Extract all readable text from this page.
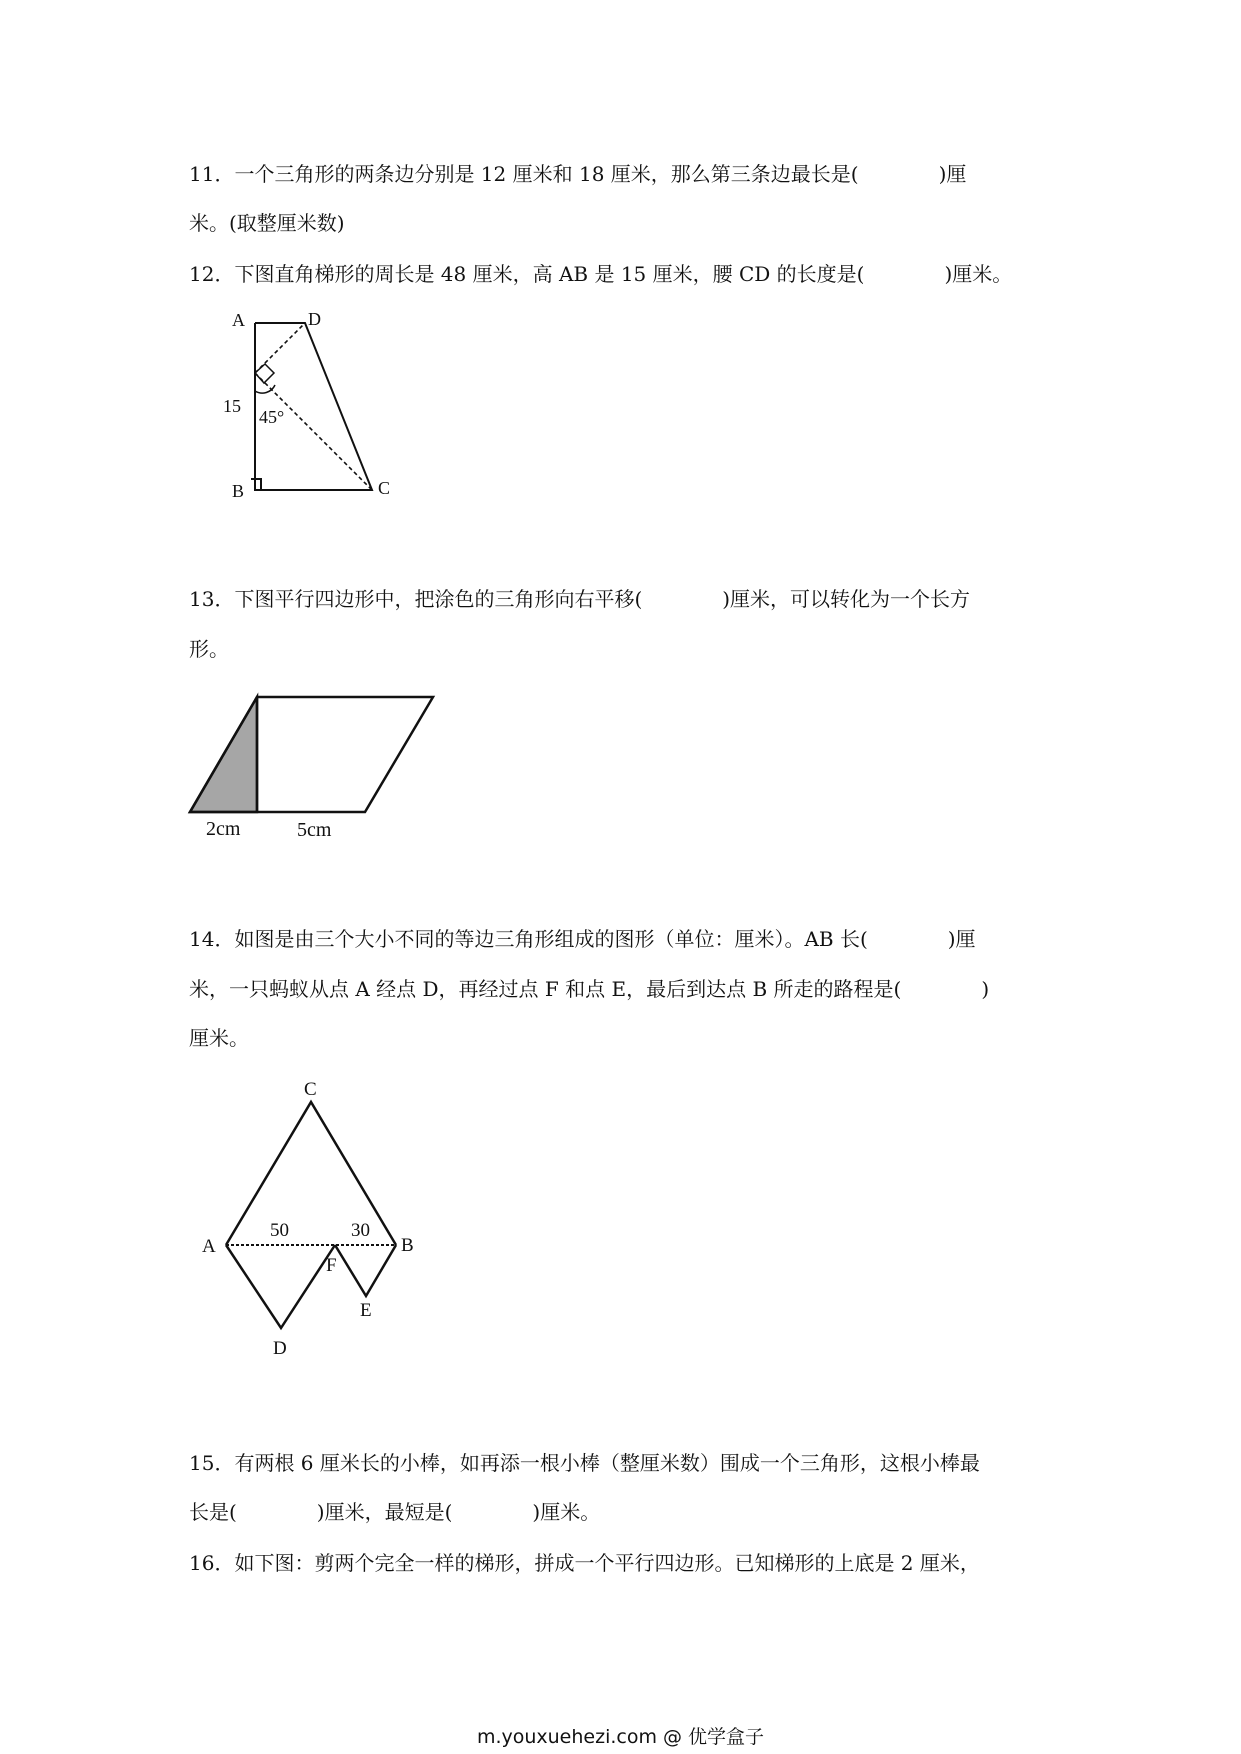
11．一个三角形的两条边分别是 12 厘米和 18 厘米，那么第三条边最长是(　　　　)厘
米。(取整厘米数)
12．下图直角梯形的周长是 48 厘米，高 AB 是 15 厘米，腰 CD 的长度是(　　　　)厘米。
A	D
B	C
15
45°
13．下图平行四边形中，把涂色的三角形向右平移(　　　　)厘米，可以转化为一个长方
形。
2cm	5cm
14．如图是由三个大小不同的等边三角形组成的图形（单位：厘米）。AB 长(　　　　)厘
米，一只蚂蚁从点 A 经点 D，再经过点 F 和点 E，最后到达点 B 所走的路程是(　　　　)
厘米。
C
A	B
50	30
F
E
D
15．有两根 6 厘米长的小棒，如再添一根小棒（整厘米数）围成一个三角形，这根小棒最
长是(　　　　)厘米，最短是(　　　　)厘米。
16．如下图：剪两个完全一样的梯形，拼成一个平行四边形。已知梯形的上底是 2 厘米，
m.youxuehezi.com @ 优学盒子
